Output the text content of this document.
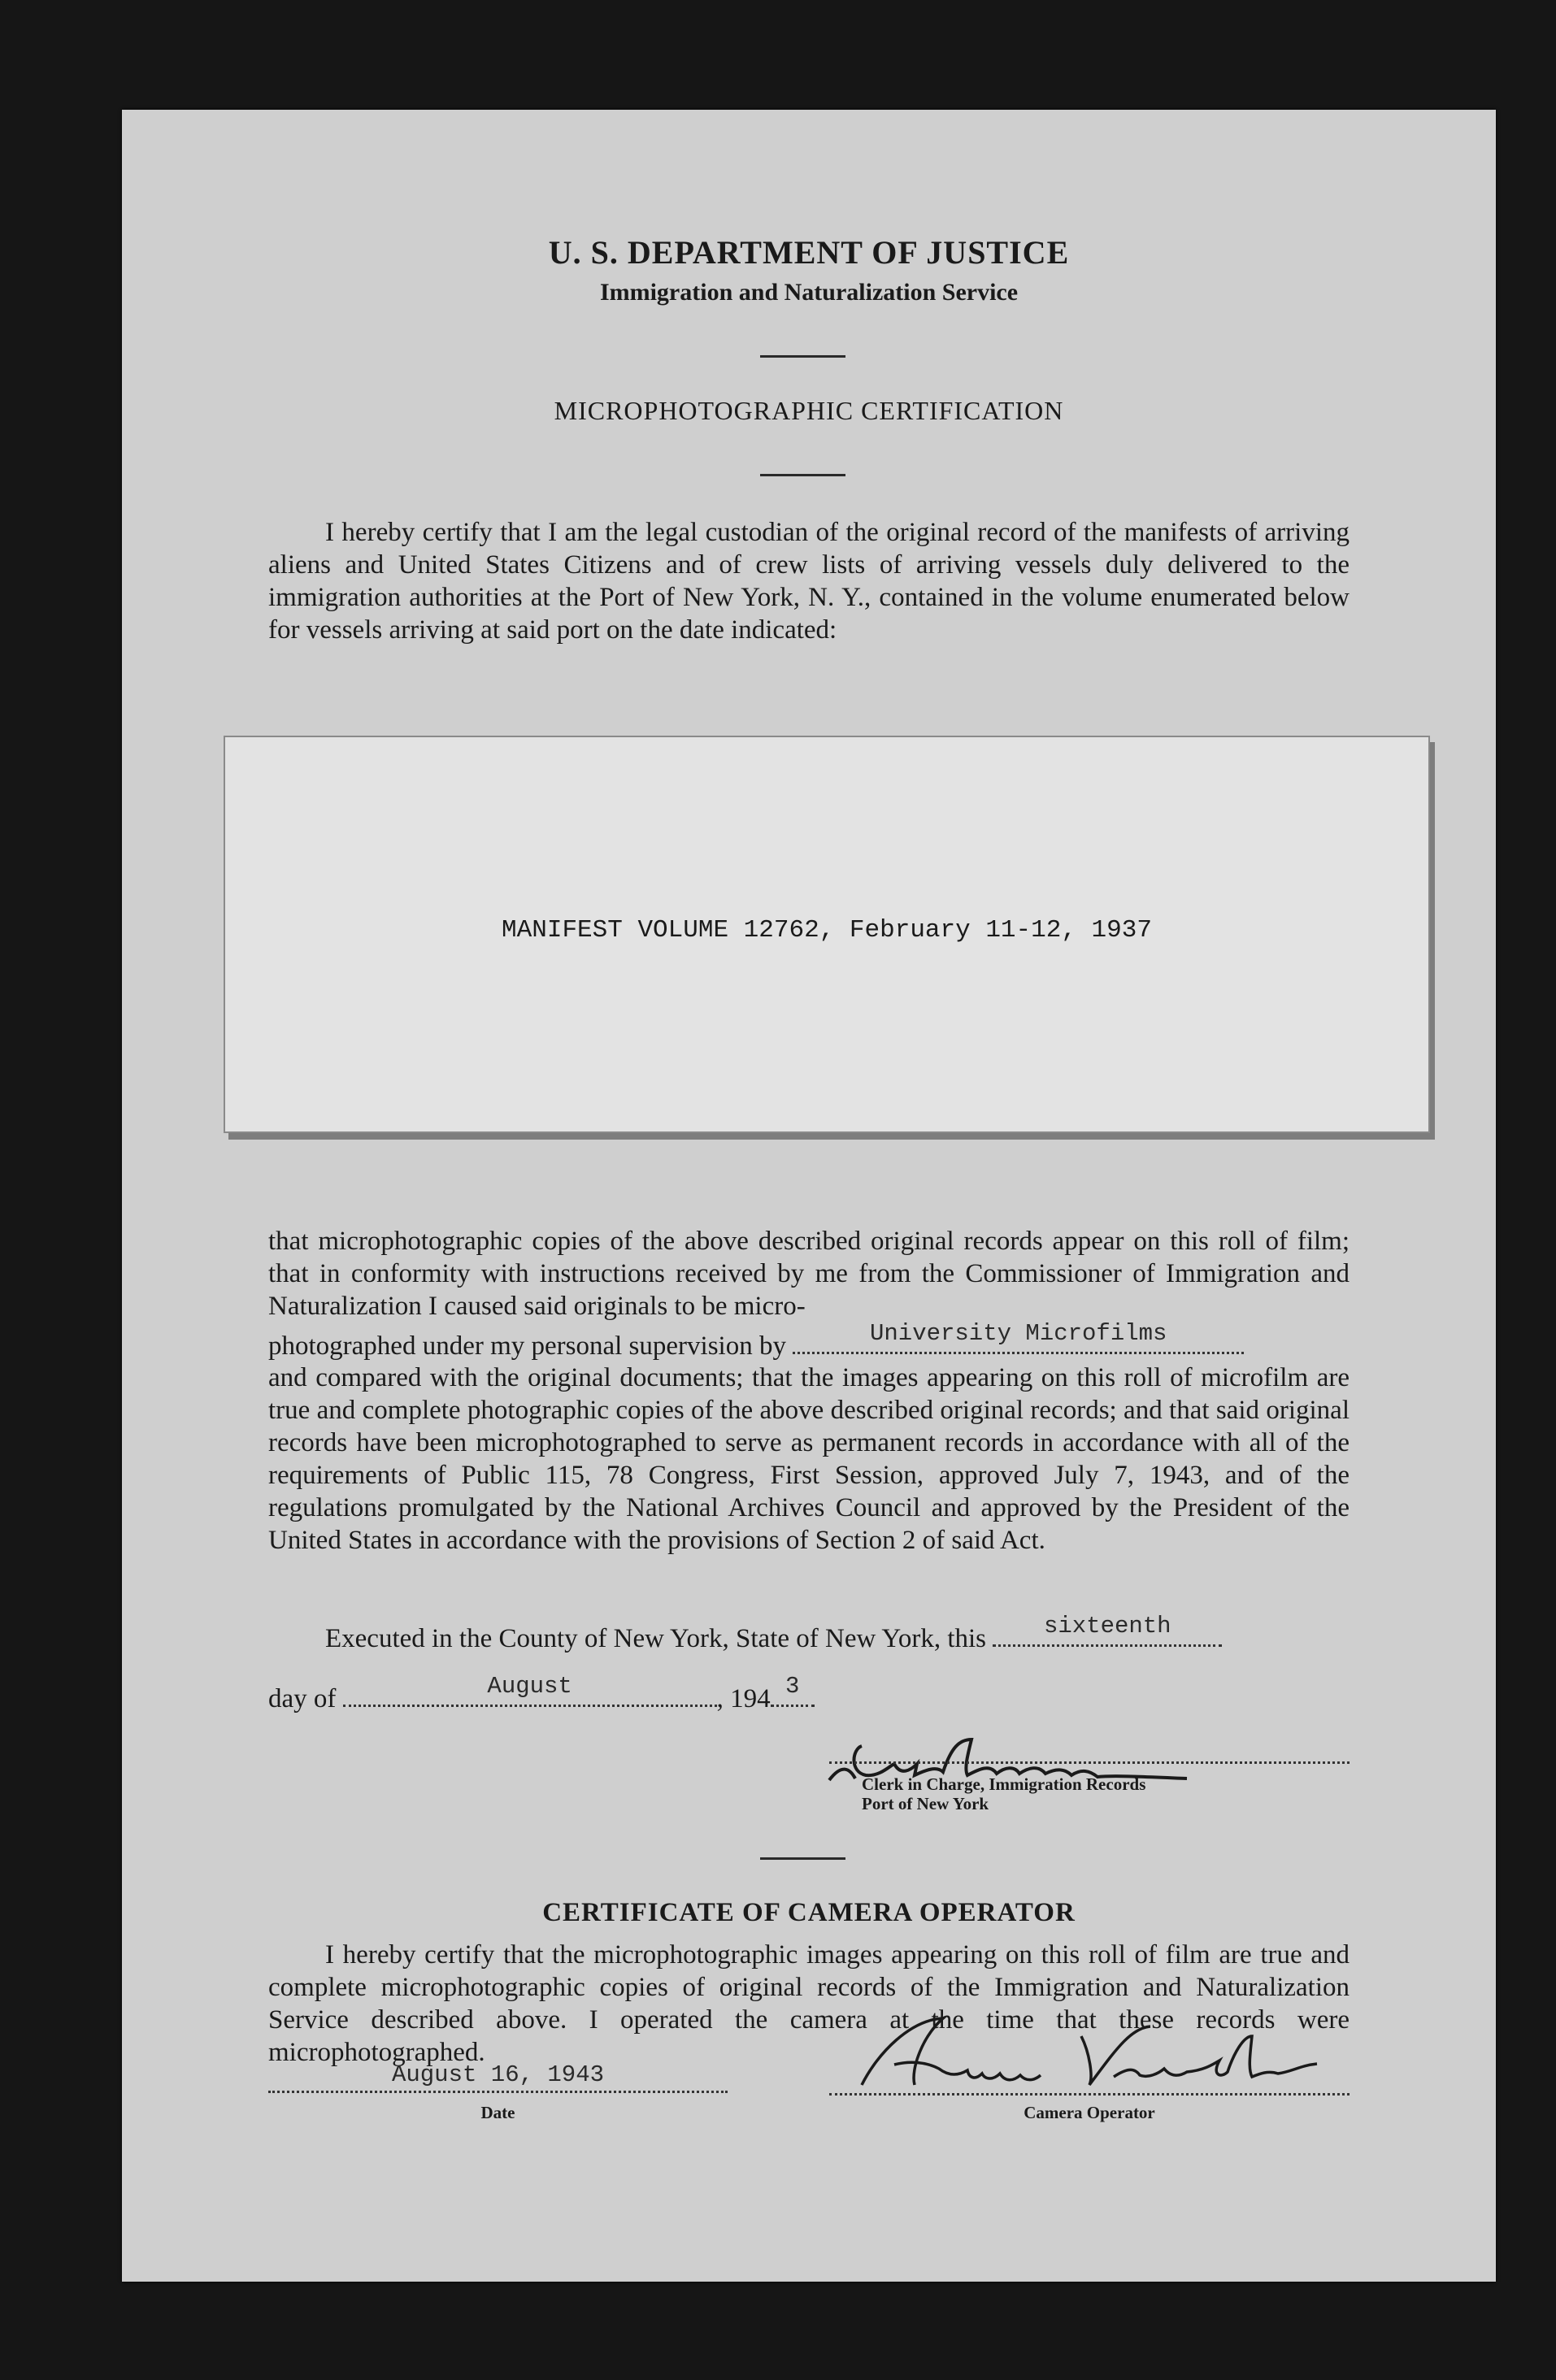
U. S. DEPARTMENT OF JUSTICE
Immigration and Naturalization Service
MICROPHOTOGRAPHIC CERTIFICATION
I hereby certify that I am the legal custodian of the original record of the manifests of arriving aliens and United States Citizens and of crew lists of arriving vessels duly delivered to the immigration authorities at the Port of New York, N. Y., contained in the volume enumerated below for vessels arriving at said port on the date indicated:
MANIFEST VOLUME 12762, February 11-12, 1937
that microphotographic copies of the above described original records appear on this roll of film; that in conformity with instructions received by me from the Commissioner of Immigration and Naturalization I caused said originals to be micro-
photographed under my personal supervision by	University Microfilms
and compared with the original documents; that the images appearing on this roll of microfilm are true and complete photographic copies of the above described original records; and that said original records have been microphotographed to serve as permanent records in accordance with all of the requirements of Public 115, 78 Congress, First Session, approved July 7, 1943, and of the regulations promulgated by the National Archives Council and approved by the President of the United States in accordance with the provisions of Section 2 of said Act.
Executed in the County of New York, State of New York, this	sixteenth
day of	August	, 194 3
Clerk in Charge, Immigration Records
Port of New York
CERTIFICATE OF CAMERA OPERATOR
I hereby certify that the microphotographic images appearing on this roll of film are true and complete microphotographic copies of original records of the Immigration and Naturalization Service described above. I operated the camera at the time that these records were microphotographed.
August 16, 1943
Date	Camera Operator
